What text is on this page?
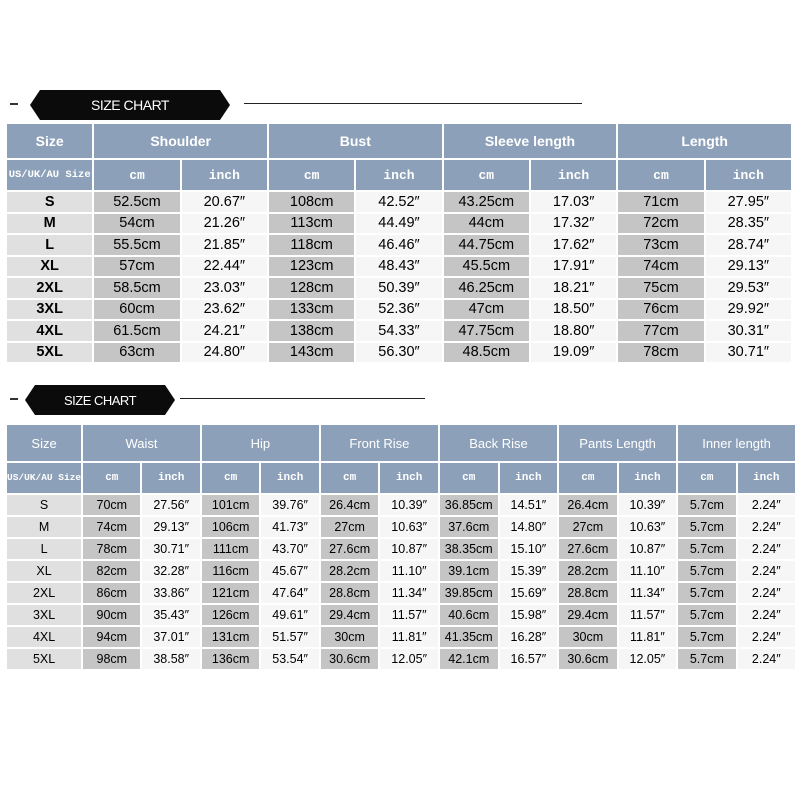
SIZE CHART
Size	Shoulder		Bust		Sleeve length		Length	
US/UK/AU Size	cm	inch	cm	inch	cm	inch	cm	inch
S	52.5cm	20.67″	108cm	42.52″	43.25cm	17.03″	71cm	27.95″
M	54cm	21.26″	113cm	44.49″	44cm	17.32″	72cm	28.35″
L	55.5cm	21.85″	118cm	46.46″	44.75cm	17.62″	73cm	28.74″
XL	57cm	22.44″	123cm	48.43″	45.5cm	17.91″	74cm	29.13″
2XL	58.5cm	23.03″	128cm	50.39″	46.25cm	18.21″	75cm	29.53″
3XL	60cm	23.62″	133cm	52.36″	47cm	18.50″	76cm	29.92″
4XL	61.5cm	24.21″	138cm	54.33″	47.75cm	18.80″	77cm	30.31″
5XL	63cm	24.80″	143cm	56.30″	48.5cm	19.09″	78cm	30.71″
SIZE CHART
Size	Waist		Hip		Front Rise		Back Rise		Pants Length		Inner length	
US/UK/AU Size	cm	inch	cm	inch	cm	inch	cm	inch	cm	inch	cm	inch
S	70cm	27.56″	101cm	39.76″	26.4cm	10.39″	36.85cm	14.51″	26.4cm	10.39″	5.7cm	2.24″
M	74cm	29.13″	106cm	41.73″	27cm	10.63″	37.6cm	14.80″	27cm	10.63″	5.7cm	2.24″
L	78cm	30.71″	111cm	43.70″	27.6cm	10.87″	38.35cm	15.10″	27.6cm	10.87″	5.7cm	2.24″
XL	82cm	32.28″	116cm	45.67″	28.2cm	11.10″	39.1cm	15.39″	28.2cm	11.10″	5.7cm	2.24″
2XL	86cm	33.86″	121cm	47.64″	28.8cm	11.34″	39.85cm	15.69″	28.8cm	11.34″	5.7cm	2.24″
3XL	90cm	35.43″	126cm	49.61″	29.4cm	11.57″	40.6cm	15.98″	29.4cm	11.57″	5.7cm	2.24″
4XL	94cm	37.01″	131cm	51.57″	30cm	11.81″	41.35cm	16.28″	30cm	11.81″	5.7cm	2.24″
5XL	98cm	38.58″	136cm	53.54″	30.6cm	12.05″	42.1cm	16.57″	30.6cm	12.05″	5.7cm	2.24″
